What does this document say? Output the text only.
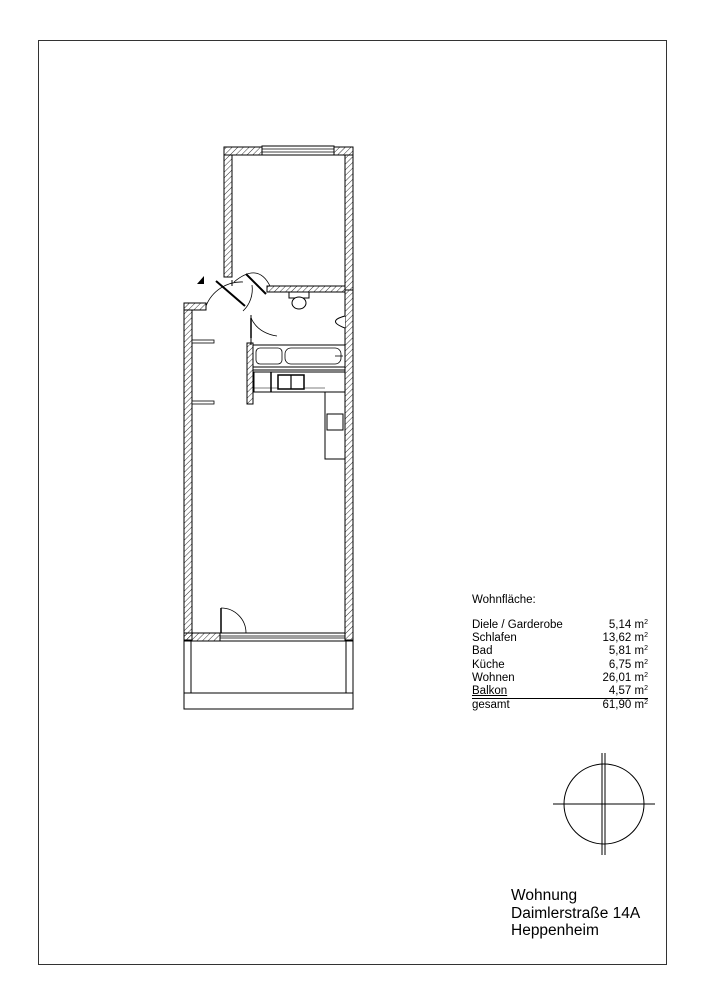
Wohnfläche:
Diele / Garderobe	5,14 $m^2$
Schlafen	13,62 $m^2$
Bad	5,81 $m^2$
Küche	6,75 $m^2$
Wohnen	26,01 $m^2$
Balkon	4,57 $m^2$
gesamt	61,90 $m^2$
Wohnung
Daimlerstraße 14A
Heppenheim
